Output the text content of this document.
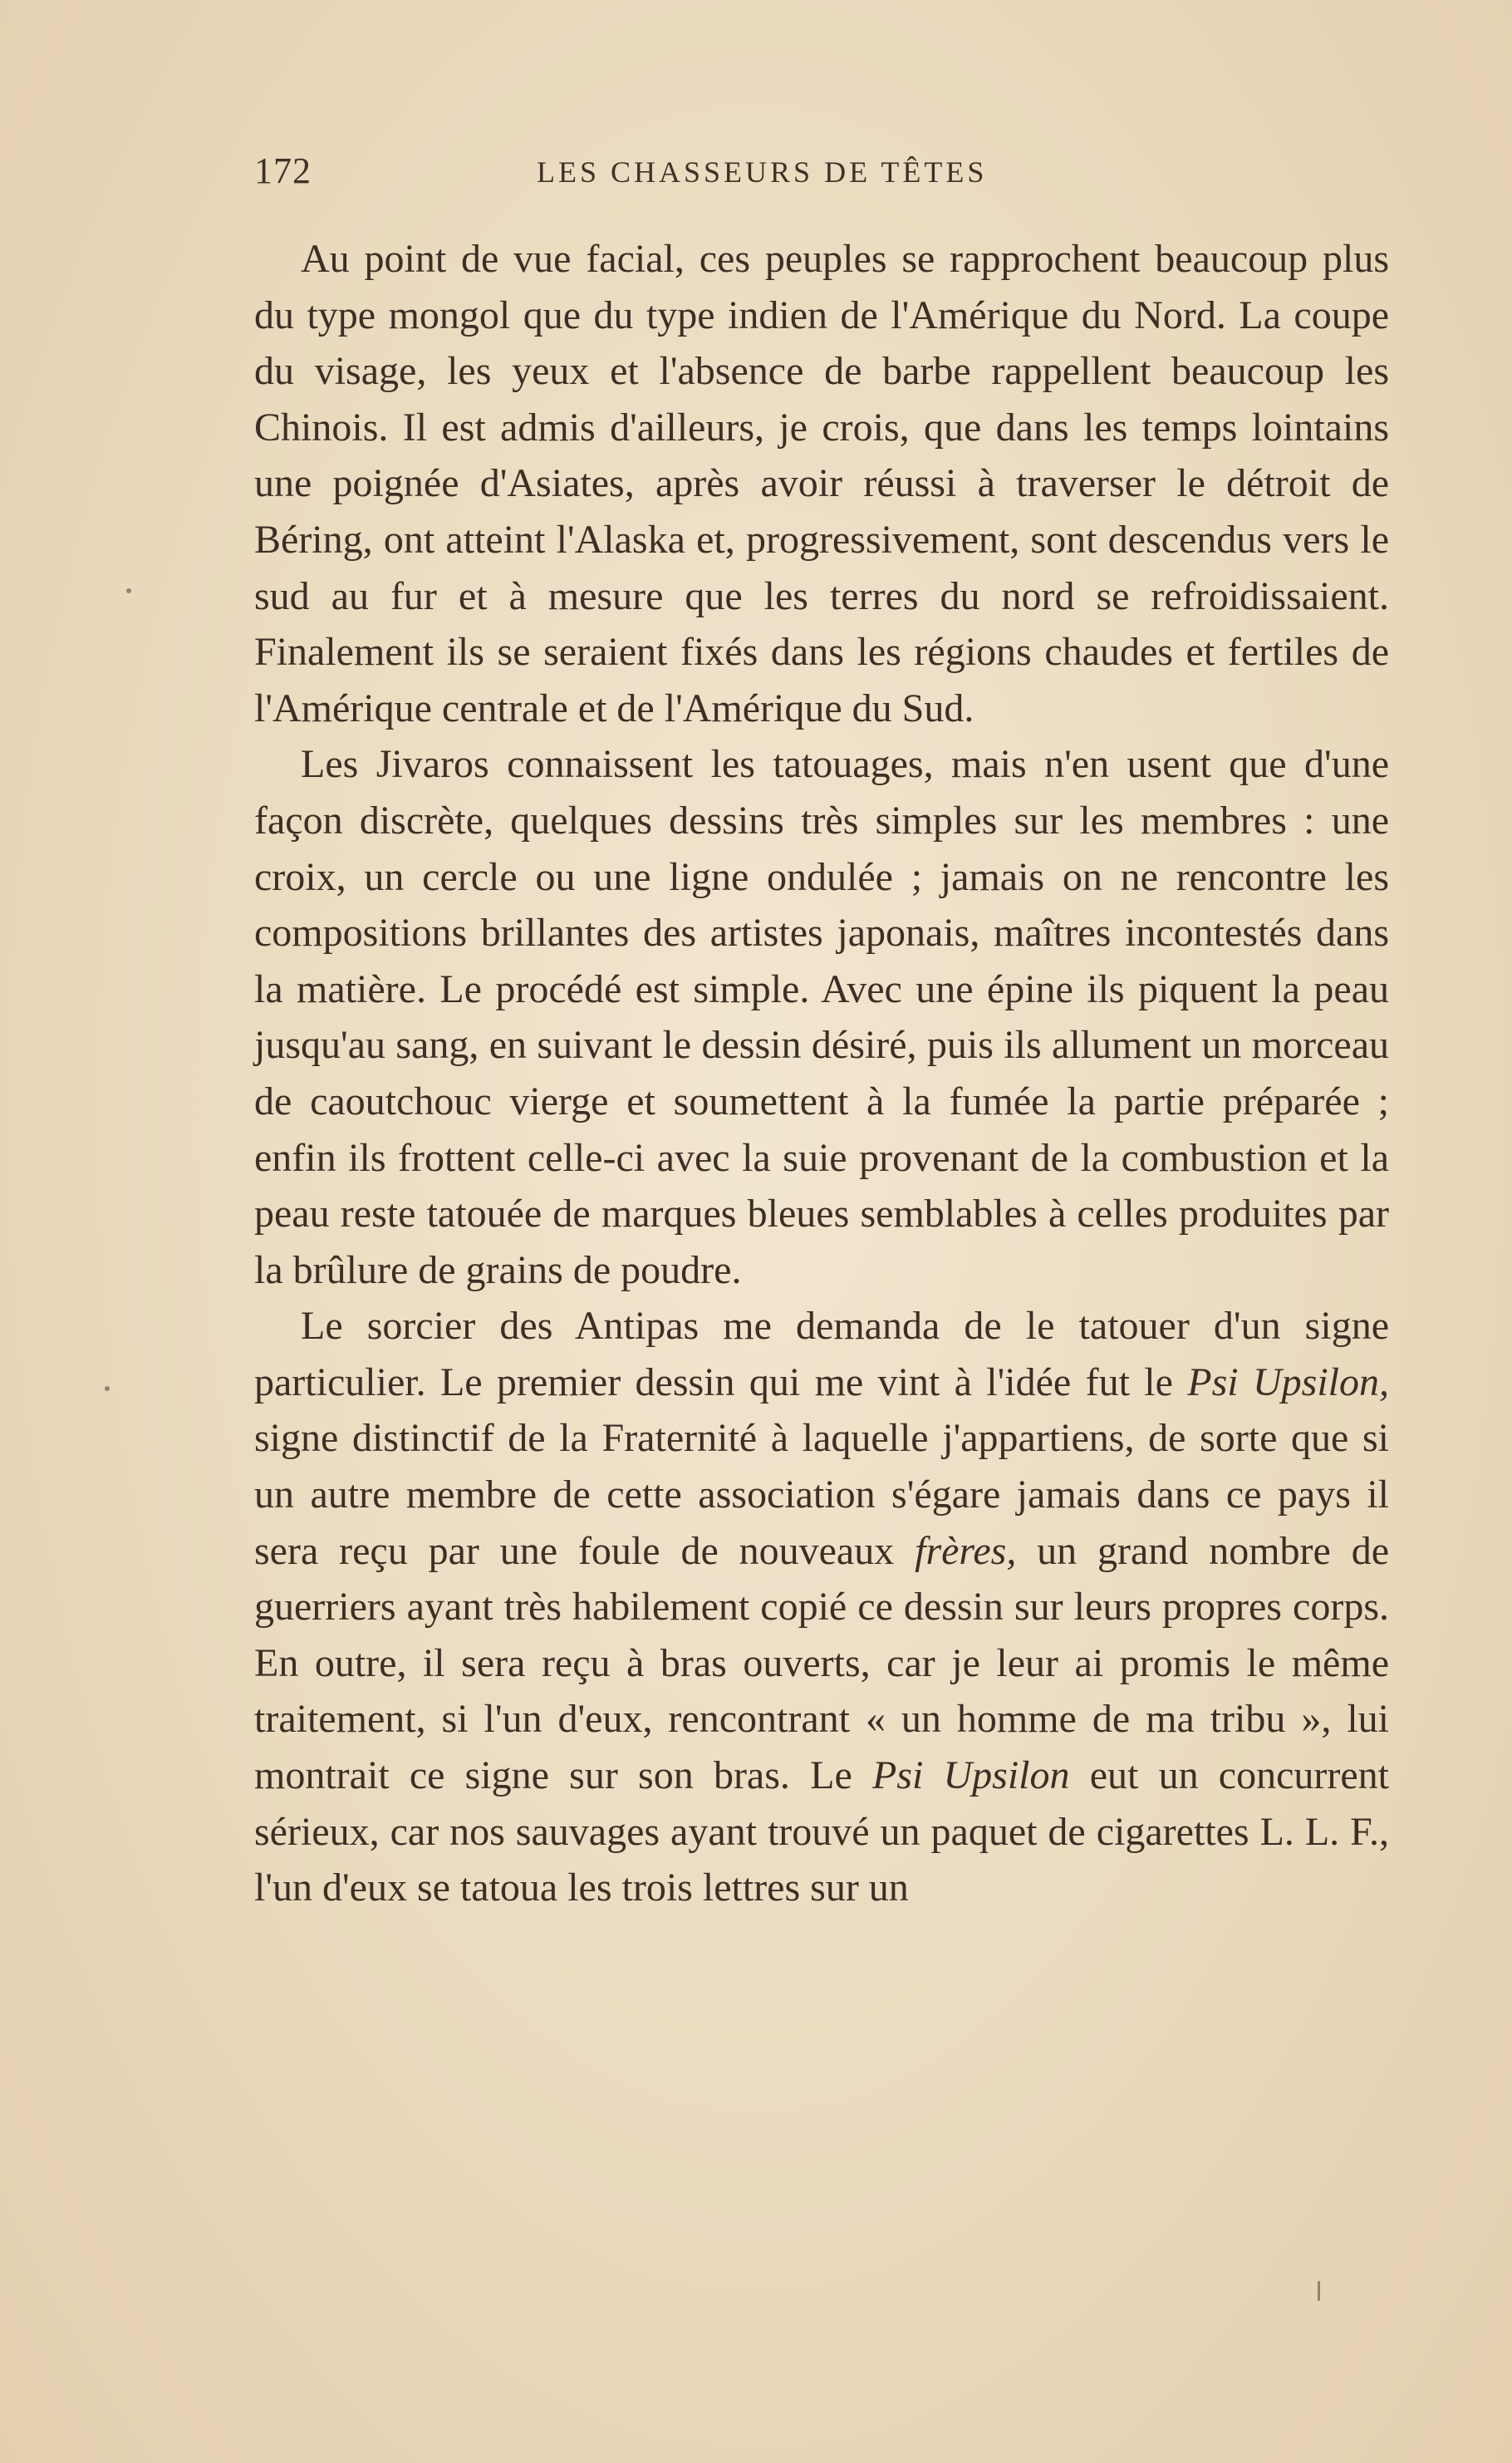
172	LES CHASSEURS DE TÊTES

Au point de vue facial, ces peuples se rapprochent beaucoup plus du type mongol que du type indien de l'Amérique du Nord. La coupe du visage, les yeux et l'absence de barbe rappellent beaucoup les Chinois. Il est admis d'ailleurs, je crois, que dans les temps lointains une poignée d'Asiates, après avoir réussi à traverser le détroit de Béring, ont atteint l'Alaska et, progressivement, sont descendus vers le sud au fur et à mesure que les terres du nord se refroidissaient. Finalement ils se seraient fixés dans les régions chaudes et fertiles de l'Amérique centrale et de l'Amérique du Sud.

Les Jivaros connaissent les tatouages, mais n'en usent que d'une façon discrète, quelques dessins très simples sur les membres : une croix, un cercle ou une ligne ondulée ; jamais on ne rencontre les compositions brillantes des artistes japonais, maîtres incontestés dans la matière. Le procédé est simple. Avec une épine ils piquent la peau jusqu'au sang, en suivant le dessin désiré, puis ils allument un morceau de caoutchouc vierge et soumettent à la fumée la partie préparée ; enfin ils frottent celle-ci avec la suie provenant de la combustion et la peau reste tatouée de marques bleues semblables à celles produites par la brûlure de grains de poudre.

Le sorcier des Antipas me demanda de le tatouer d'un signe particulier. Le premier dessin qui me vint à l'idée fut le Psi Upsilon, signe distinctif de la Fraternité à laquelle j'appartiens, de sorte que si un autre membre de cette association s'égare jamais dans ce pays il sera reçu par une foule de nouveaux frères, un grand nombre de guerriers ayant très habilement copié ce dessin sur leurs propres corps. En outre, il sera reçu à bras ouverts, car je leur ai promis le même traitement, si l'un d'eux, rencontrant « un homme de ma tribu », lui montrait ce signe sur son bras. Le Psi Upsilon eut un concurrent sérieux, car nos sauvages ayant trouvé un paquet de cigarettes L. L. F., l'un d'eux se tatoua les trois lettres sur un
